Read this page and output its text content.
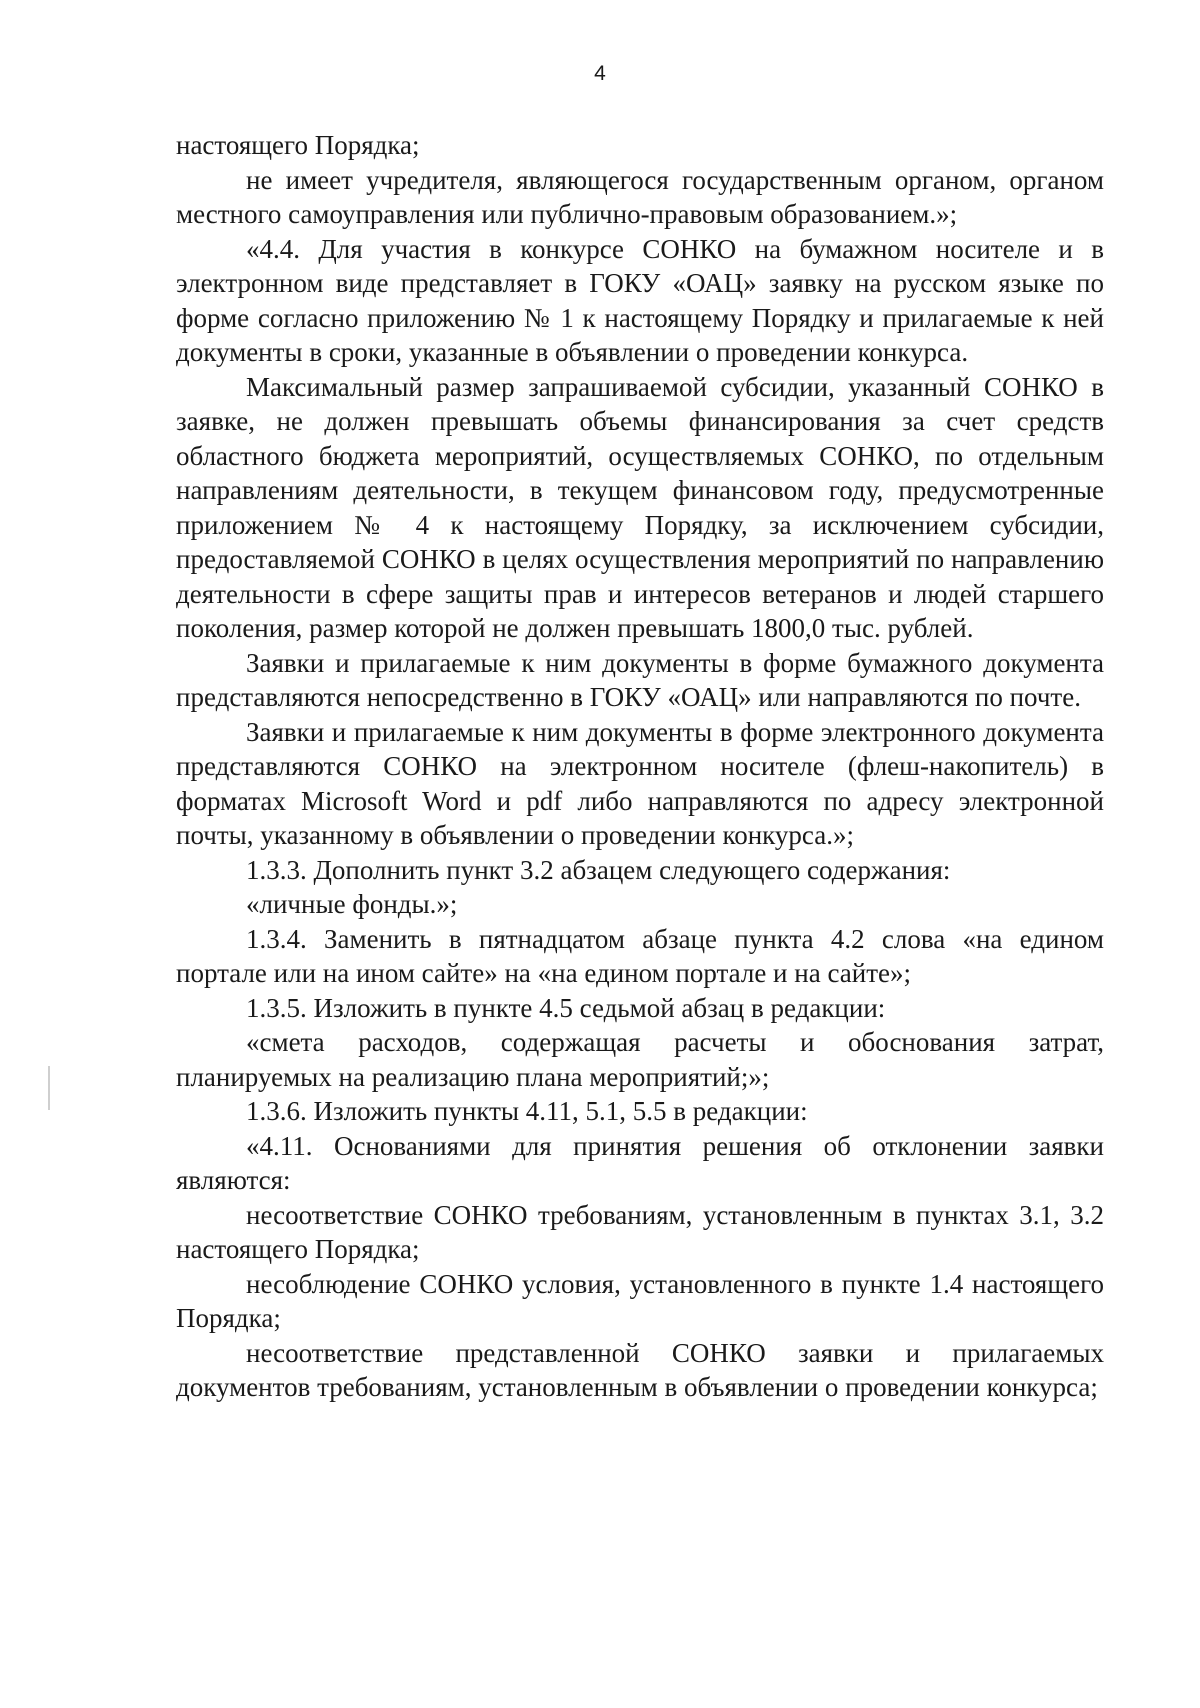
4

настоящего Порядка;

не имеет учредителя, являющегося государственным органом, органом местного самоуправления или публично-правовым образованием.»;

«4.4. Для участия в конкурсе СОНКО на бумажном носителе и в электронном виде представляет в ГОКУ «ОАЦ» заявку на русском языке по форме согласно приложению № 1 к настоящему Порядку и прилагаемые к ней документы в сроки, указанные в объявлении о проведении конкурса.

Максимальный размер запрашиваемой субсидии, указанный СОНКО в заявке, не должен превышать объемы финансирования за счет средств областного бюджета мероприятий, осуществляемых СОНКО, по отдельным направлениям деятельности, в текущем финансовом году, предусмотренные приложением № 4 к настоящему Порядку, за исключением субсидии, предоставляемой СОНКО в целях осуществления мероприятий по направлению деятельности в сфере защиты прав и интересов ветеранов и людей старшего поколения, размер которой не должен превышать 1800,0 тыс. рублей.

Заявки и прилагаемые к ним документы в форме бумажного документа представляются непосредственно в ГОКУ «ОАЦ» или направляются по почте.

Заявки и прилагаемые к ним документы в форме электронного документа представляются СОНКО на электронном носителе (флеш-накопитель) в форматах Microsoft Word и pdf либо направляются по адресу электронной почты, указанному в объявлении о проведении конкурса.»;

1.3.3. Дополнить пункт 3.2 абзацем следующего содержания:

«личные фонды.»;

1.3.4. Заменить в пятнадцатом абзаце пункта 4.2 слова «на едином портале или на ином сайте» на «на едином портале и на сайте»;

1.3.5. Изложить в пункте 4.5 седьмой абзац в редакции:

«смета расходов, содержащая расчеты и обоснования затрат, планируемых на реализацию плана мероприятий;»;

1.3.6. Изложить пункты 4.11, 5.1, 5.5 в редакции:

«4.11. Основаниями для принятия решения об отклонении заявки являются:

несоответствие СОНКО требованиям, установленным в пунктах 3.1, 3.2 настоящего Порядка;

несоблюдение СОНКО условия, установленного в пункте 1.4 настоящего Порядка;

несоответствие представленной СОНКО заявки и прилагаемых документов требованиям, установленным в объявлении о проведении конкурса;
